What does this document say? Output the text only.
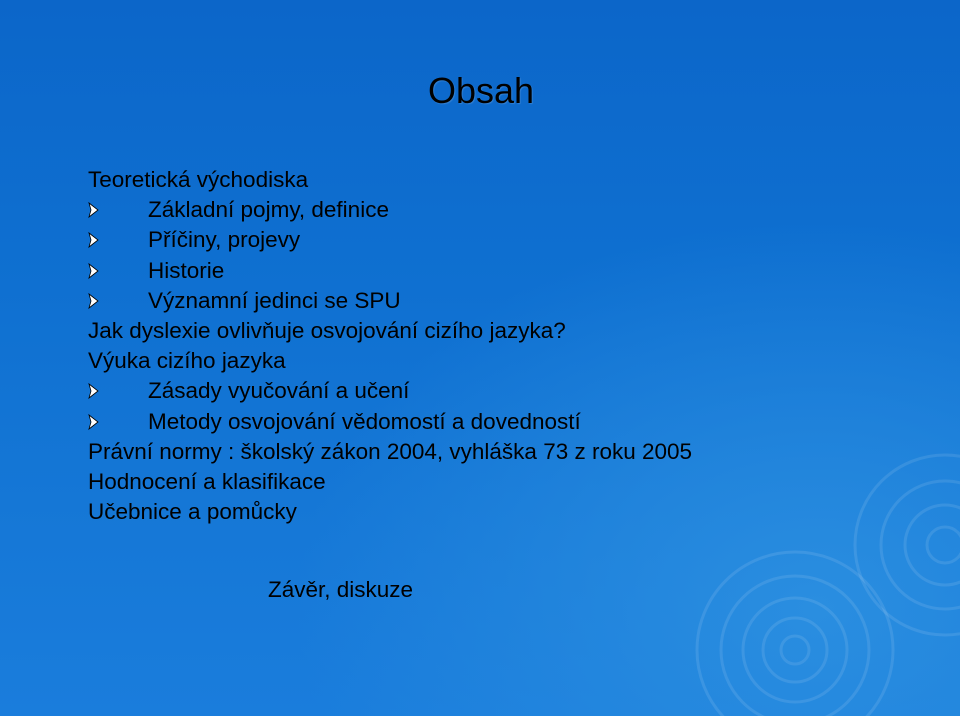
Obsah
Teoretická východiska
Základní pojmy, definice
Příčiny, projevy
Historie
Významní jedinci se SPU
Jak dyslexie ovlivňuje osvojování cizího jazyka?
Výuka cizího jazyka
Zásady vyučování a učení
Metody osvojování vědomostí a dovedností
Právní normy : školský zákon 2004, vyhláška 73 z roku 2005
Hodnocení a klasifikace
Učebnice a pomůcky
Závěr, diskuze
